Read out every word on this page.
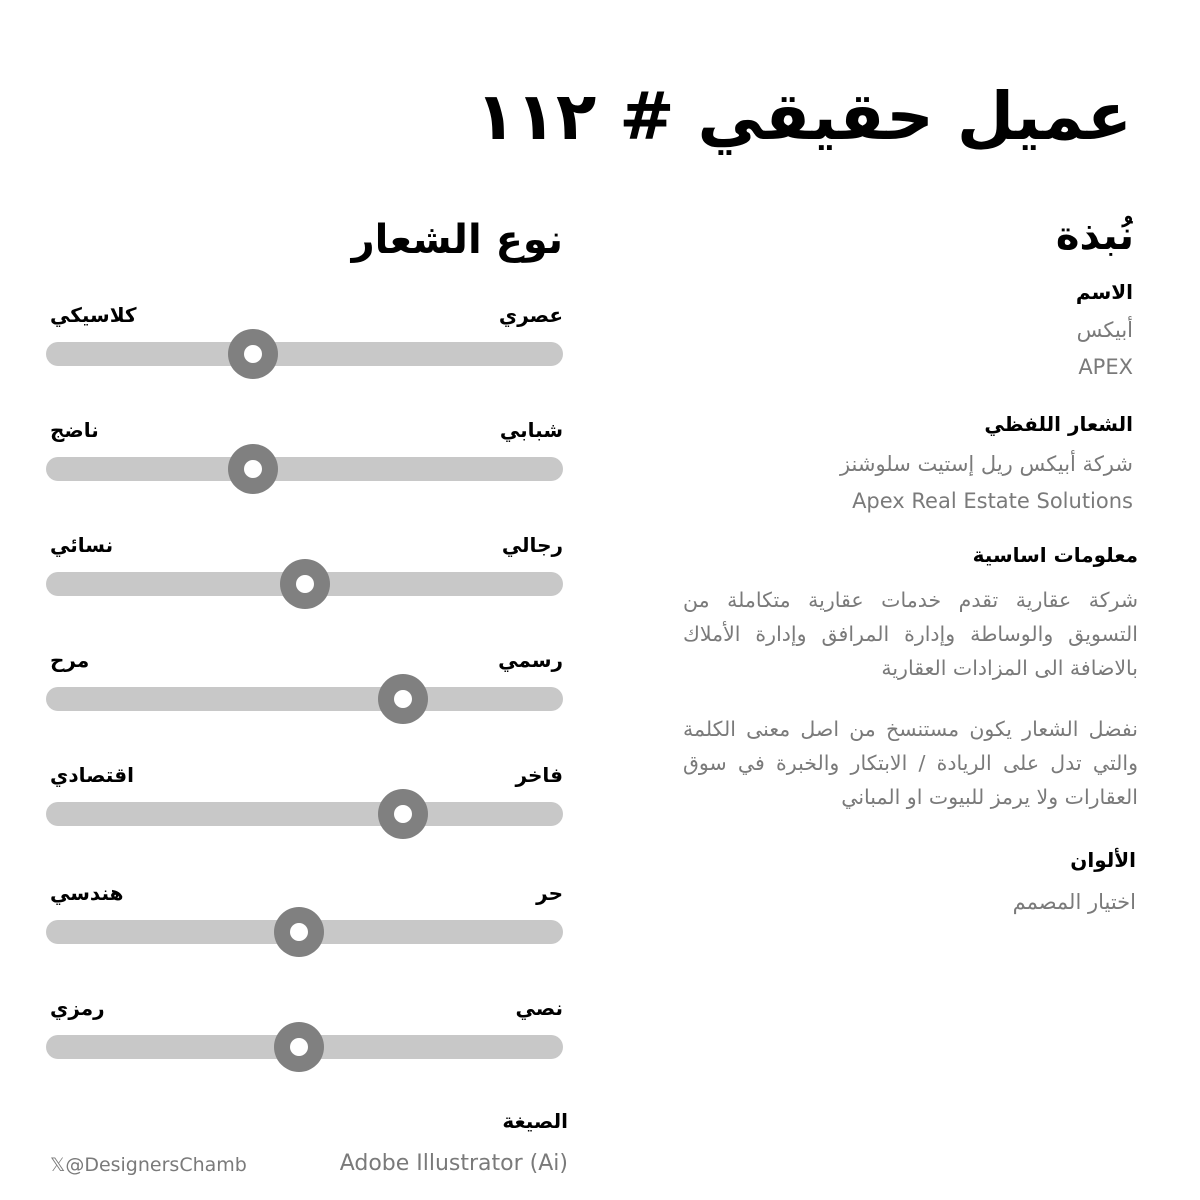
عميل حقيقي # ١١٢
نُبذة
الاسم
أبيكس
APEX
الشعار اللفظي
شركة أبيكس ريل إستيت سلوشنز
Apex Real Estate Solutions
معلومات اساسية
شركة عقارية تقدم خدمات عقارية متكاملة من التسويق والوساطة وإدارة المرافق وإدارة الأملاك بالاضافة الى المزادات العقارية
نفضل الشعار يكون مستنسخ من اصل معنى الكلمة والتي تدل على الريادة / الابتكار والخبرة في سوق العقارات ولا يرمز للبيوت او المباني
الألوان
اختيار المصمم
نوع الشعار
عصري
كلاسيكي
شبابي
ناضج
رجالي
نسائي
رسمي
مرح
فاخر
اقتصادي
حر
هندسي
نصي
رمزي
الصيغة
Adobe Illustrator (Ai)
𝕏@DesignersChamb
